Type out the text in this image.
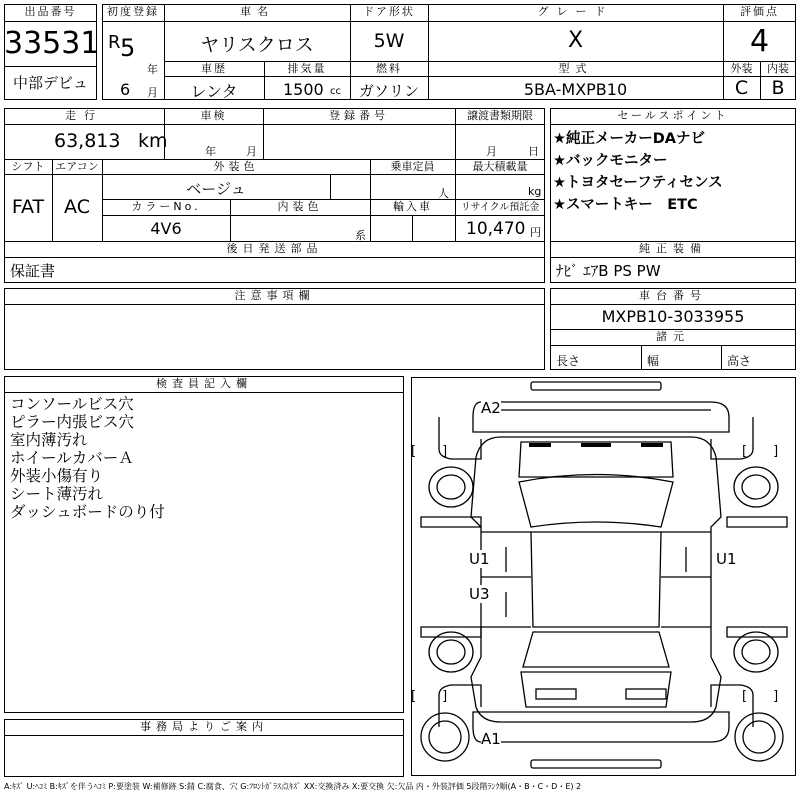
出品番号
33531
中部デビュ
初度登録
R 5
年
6 月
車名
ヤリスクロス
ドア形状
5W
グレード
X
評価点
4
車歴
レンタ
排気量
1500 cc
燃料
ガソリン
型式
5BA-MXPB10
外装	内装
C	B
走行
63,813 km
車検
年	月
登録番号	譲渡書類期限
月	日
シフト
FAT
エアコン
AC
外装色
ベージュ
乗車定員
人
最大積載量
kg
カラーNo.
4V6
内装色
系
輸入車	リサイクル預託金
10,470 円
後日発送部品
保証書
注意事項欄
セールスポイント
★純正メーカーDAナビ
★バックモニター
★トヨタセーフティセンス
★スマートキー　ETC
純正装備
ﾅﾋﾞ ｴｱB PS PW
車台番号
MXPB10-3033955
諸元
長さ	幅	高さ
検査員記入欄
コンソールビス穴
ピラー内張ビス穴
室内薄汚れ
ホイールカバーＡ
外装小傷有り
シート薄汚れ
ダッシュボードのり付
事務局よりご案内
[　　]	[　　]
[　　]	[　　]
A2
U1	U1
U3
A1
A:ｷｽﾞ U:ﾍｺﾐ B:ｷｽﾞを伴うﾍｺﾐ P:要塗装 W:補修跡 S:錆 C:腐食、穴 G:ﾌﾛﾝﾄｶﾞﾗｽ点ｷｽﾞ XX:交換済み X:要交換 欠:欠品 内・外装評価 5段階ﾗﾝｸ順(A・B・C・D・E) 2
